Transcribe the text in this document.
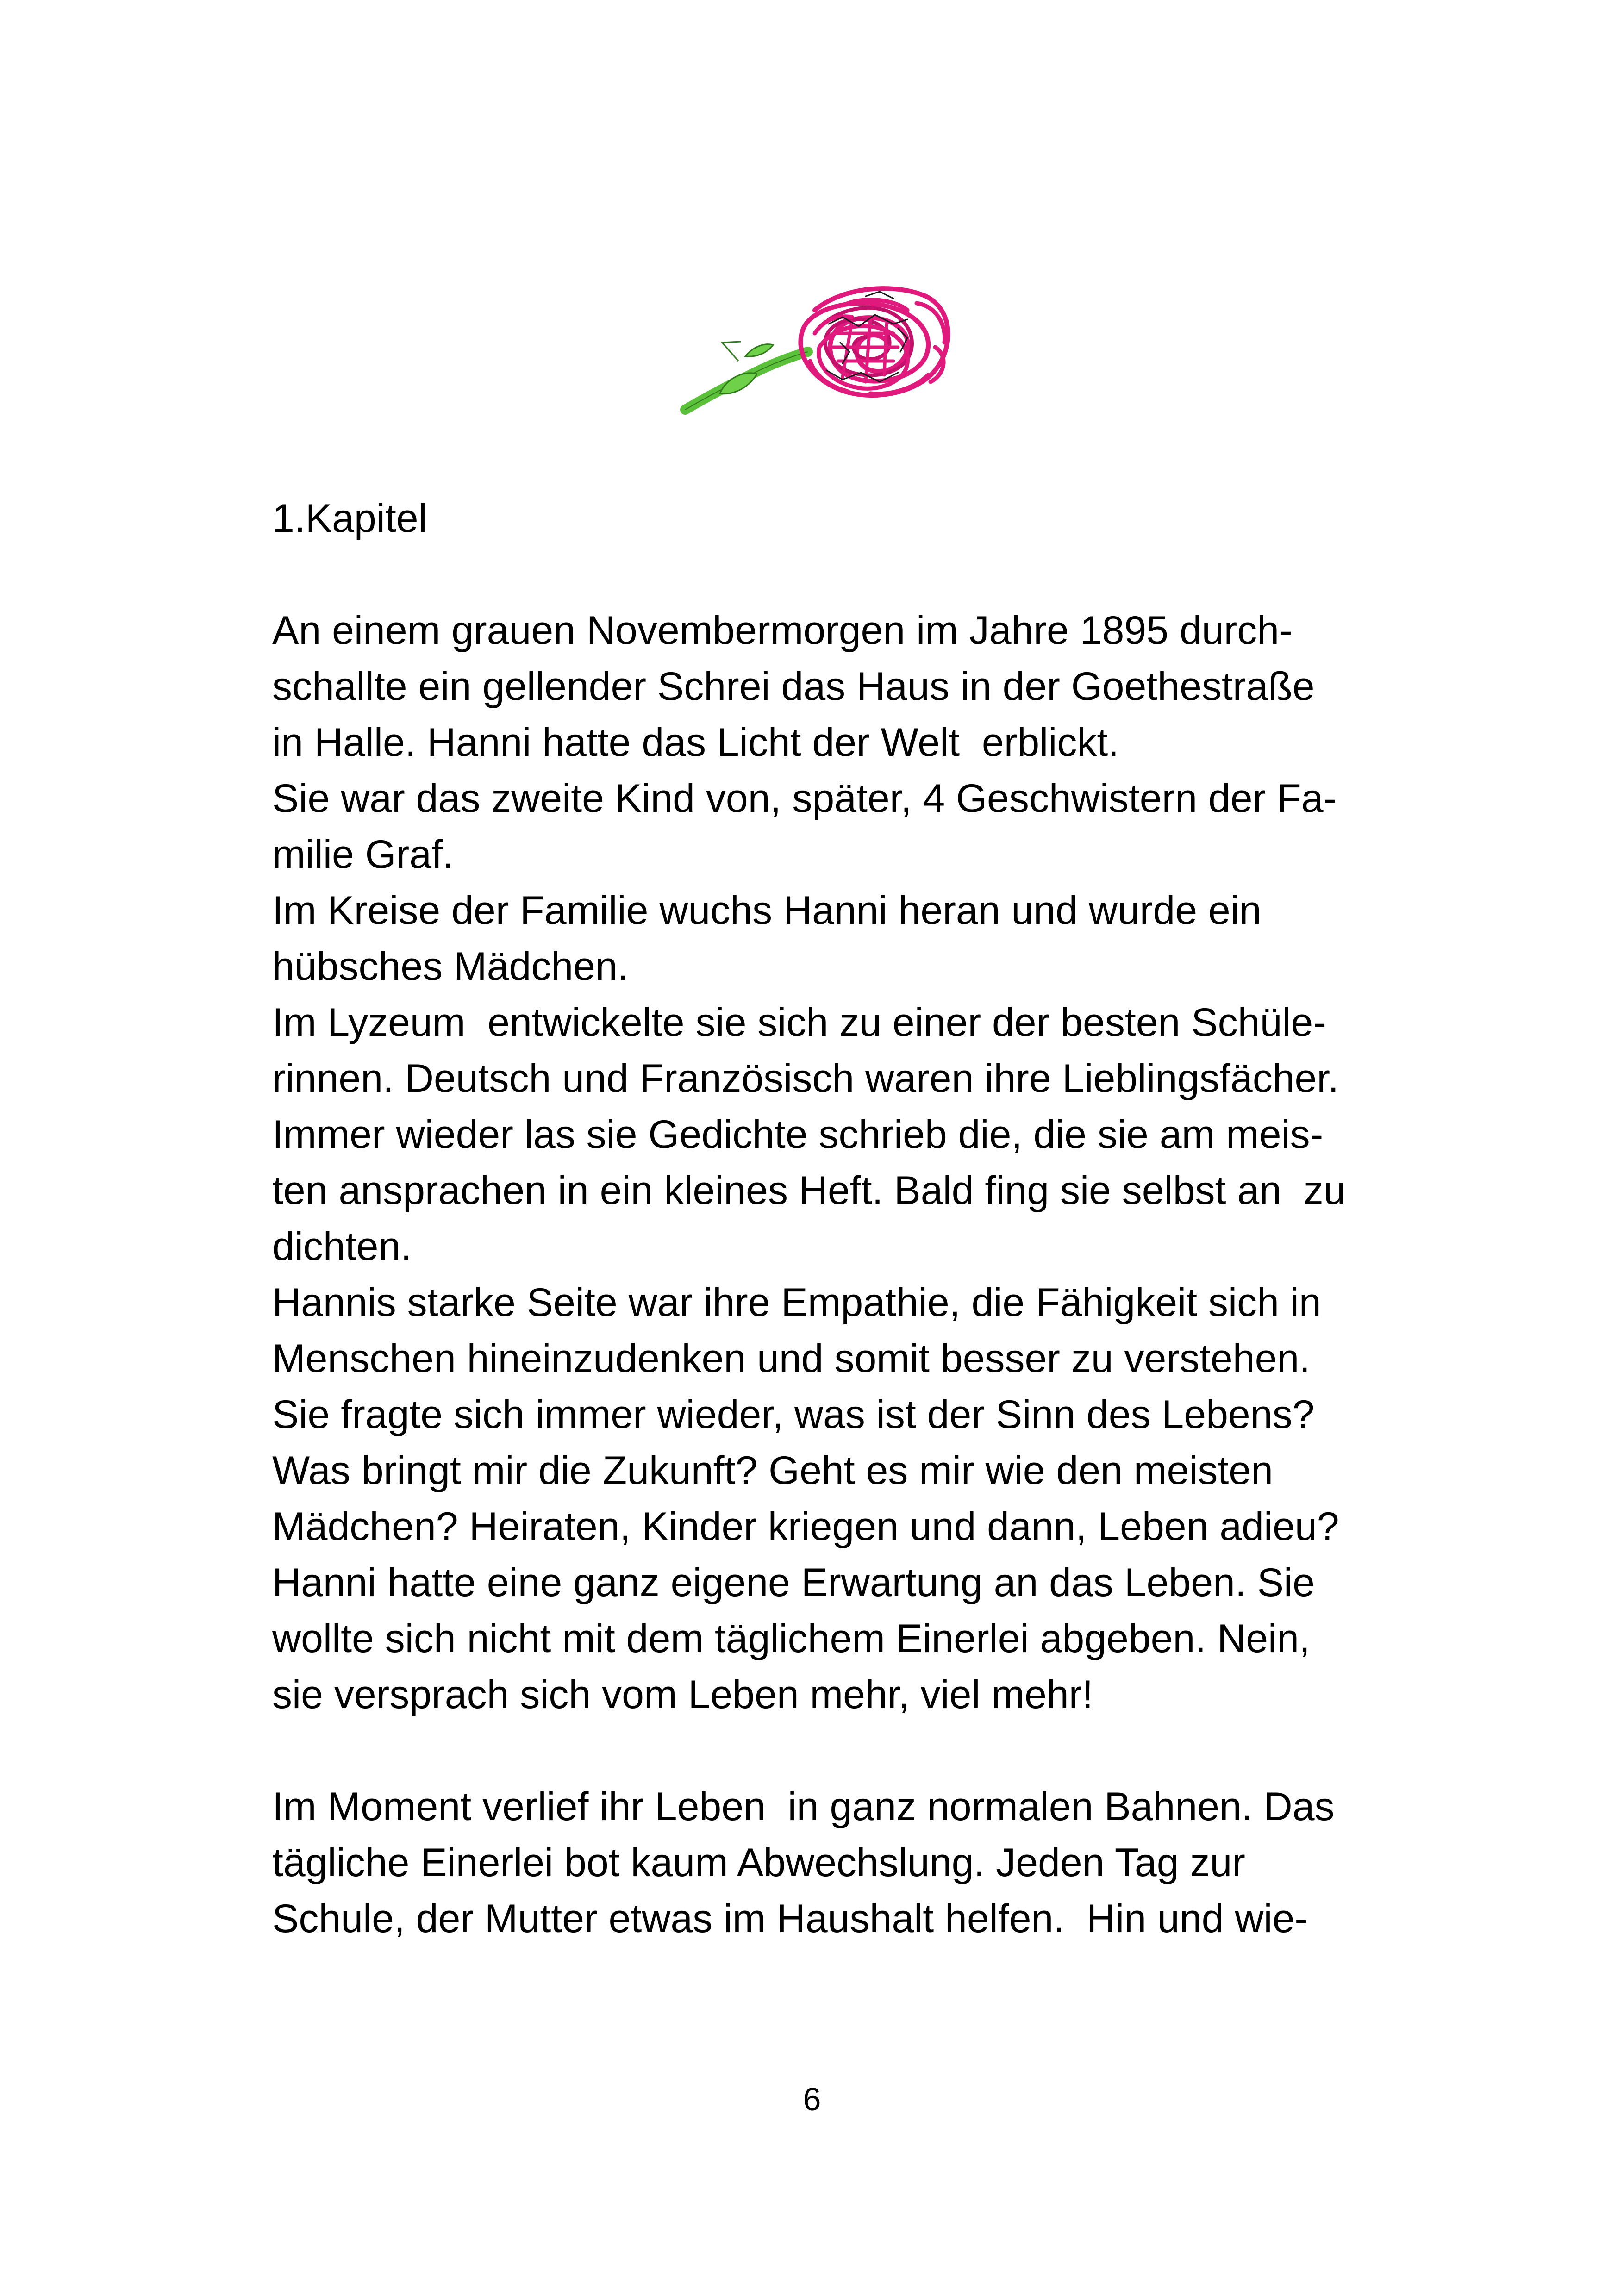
1.Kapitel
An einem grauen Novembermorgen im Jahre 1895 durch-
schallte ein gellender Schrei das Haus in der Goethestraße
in Halle. Hanni hatte das Licht der Welt  erblickt.
Sie war das zweite Kind von, später, 4 Geschwistern der Fa-
milie Graf.
Im Kreise der Familie wuchs Hanni heran und wurde ein
hübsches Mädchen.
Im Lyzeum  entwickelte sie sich zu einer der besten Schüle-
rinnen. Deutsch und Französisch waren ihre Lieblingsfächer.
Immer wieder las sie Gedichte schrieb die, die sie am meis-
ten ansprachen in ein kleines Heft. Bald fing sie selbst an  zu
dichten.
Hannis starke Seite war ihre Empathie, die Fähigkeit sich in
Menschen hineinzudenken und somit besser zu verstehen.
Sie fragte sich immer wieder, was ist der Sinn des Lebens?
Was bringt mir die Zukunft? Geht es mir wie den meisten
Mädchen? Heiraten, Kinder kriegen und dann, Leben adieu?
Hanni hatte eine ganz eigene Erwartung an das Leben. Sie
wollte sich nicht mit dem täglichem Einerlei abgeben. Nein,
sie versprach sich vom Leben mehr, viel mehr!
Im Moment verlief ihr Leben  in ganz normalen Bahnen. Das
tägliche Einerlei bot kaum Abwechslung. Jeden Tag zur
Schule, der Mutter etwas im Haushalt helfen.  Hin und wie-
6
